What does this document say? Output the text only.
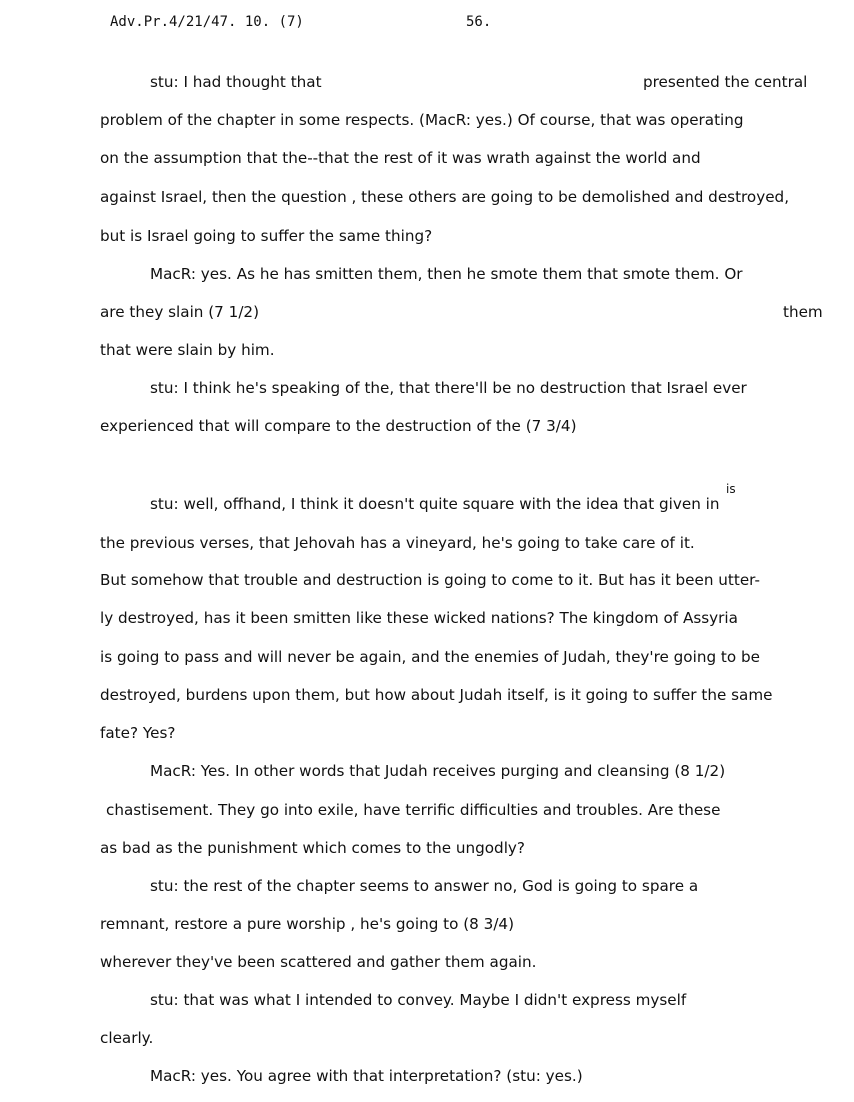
Adv.Pr.4/21/47. 10. (7)	56.
stu: I had thought that	presented the central
problem of the chapter in some respects. (MacR: yes.) Of course, that was operating
on the assumption that the--that the rest of it was wrath against the world and
against Israel, then the question , these others are going to be demolished and destroyed,
but is Israel going to suffer the same thing?
MacR: yes. As he has smitten them, then he smote them that smote them. Or
are they slain (7 1/2)	them
that were slain by him.
stu: I think he's speaking of the, that there'll be no destruction that Israel ever
experienced that will compare to the destruction of the (7 3/4)
is
stu: well, offhand, I think it doesn't quite square with the idea that given in
the previous verses, that Jehovah has a vineyard, he's going to take care of it.
But somehow that trouble and destruction is going to come to it. But has it been utter-
ly destroyed, has it been smitten like these wicked nations? The kingdom of Assyria
is going to pass and will never be again, and the enemies of Judah, they're going to be
destroyed, burdens upon them, but how about Judah itself, is it going to suffer the same
fate? Yes?
MacR: Yes. In other words that Judah receives purging and cleansing (8 1/2)
chastisement. They go into exile, have terrific difficulties and troubles. Are these
as bad as the punishment which comes to the ungodly?
stu: the rest of the chapter seems to answer no, God is going to spare a
remnant, restore a pure worship , he's going to (8 3/4)
wherever they've been scattered and gather them again.
stu: that was what I intended to convey. Maybe I didn't express myself
clearly.
MacR: yes. You agree with that interpretation? (stu: yes.)
